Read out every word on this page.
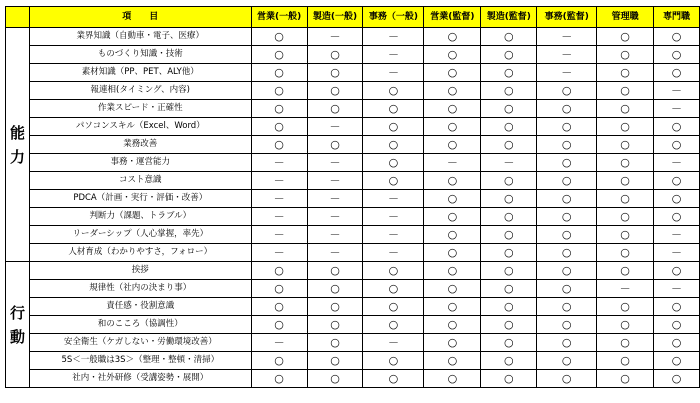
	項　　目	営業(一般)	製造(一般)	事務（一般)	営業(監督)	製造(監督)	事務(監督)	管理職	専門職
能 力	業界知識（自動車・電子、医療）	○	－	－	○	○	－	○	○
	ものづくり知識・技術	○	○	－	○	○	－	○	○
	素材知識（PP、PET、ALY他）	○	○	－	○	○	－	○	○
	報連相(タイミング、内容)	○	○	○	○	○	○	○	－
	作業スピード・正確性	○	○	○	○	○	○	○	－
	パソコンスキル（Excel、Word）	○	－	○	○	○	○	○	○
	業務改善	○	○	○	○	○	○	○	○
	事務・運営能力	－	－	○	－	－	○	○	－
	コスト意識	－	－	○	○	○	○	○	○
	PDCA（計画・実行・評価・改善）	－	－	－	○	○	○	○	○
	判断力（課題、トラブル）	－	－	－	○	○	○	○	○
	リーダーシップ（人心掌握，率先）	－	－	－	○	○	○	○	－
	人材育成（わかりやすさ，フォロー）	－	－	－	○	○	○	○	－
行 動	挨拶	○	○	○	○	○	○	○	○
	規律性（社内の決まり事）	○	○	○	○	○	○	－	－
	責任感・役割意識	○	○	○	○	○	○	○	○
	和のこころ（協調性）	○	○	○	○	○	○	○	○
	安全衛生（ケガしない・労働環境改善）	－	○	－	○	○	○	○	○
	5S＜一般職は3S＞（整理・整頓・清掃）	○	○	○	○	○	○	○	○
	社内・社外研修（受講姿勢・展開）	○	○	○	○	○	○	○	○
